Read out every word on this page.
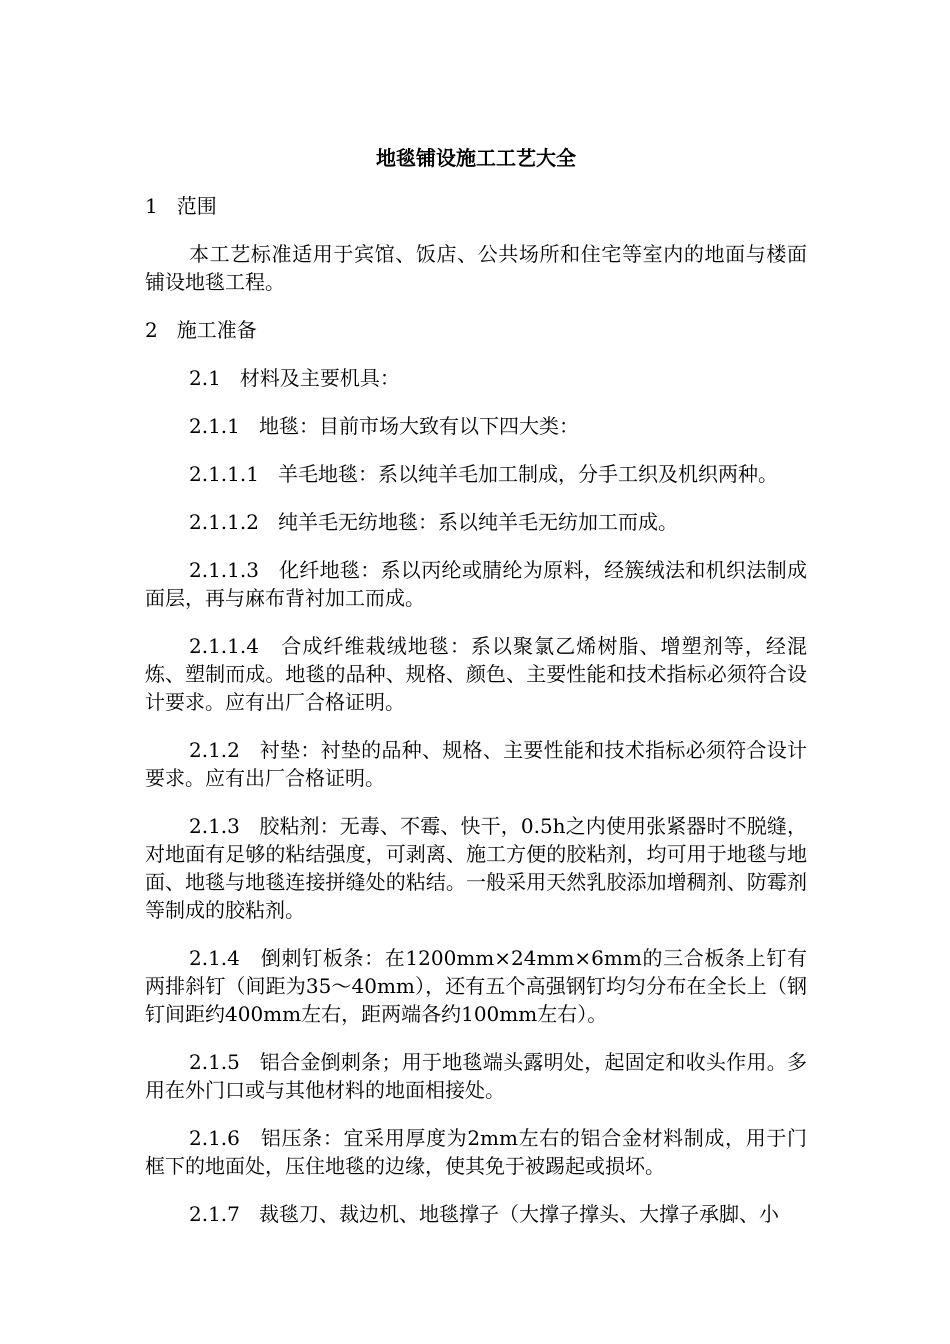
地毯铺设施工工艺大全
1   范围
本工艺标准适用于宾馆、饭店、公共场所和住宅等室内的地面与楼面铺设地毯工程。
2   施工准备
2.1   材料及主要机具：
2.1.1   地毯：目前市场大致有以下四大类：
2.1.1.1   羊毛地毯：系以纯羊毛加工制成，分手工织及机织两种。
2.1.1.2   纯羊毛无纺地毯：系以纯羊毛无纺加工而成。
2.1.1.3   化纤地毯：系以丙纶或腈纶为原料，经簇绒法和机织法制成面层，再与麻布背衬加工而成。
2.1.1.4   合成纤维栽绒地毯：系以聚氯乙烯树脂、增塑剂等，经混炼、塑制而成。地毯的品种、规格、颜色、主要性能和技术指标必须符合设计要求。应有出厂合格证明。
2.1.2   衬垫：衬垫的品种、规格、主要性能和技术指标必须符合设计要求。应有出厂合格证明。
2.1.3   胶粘剂：无毒、不霉、快干，0.5h之内使用张紧器时不脱缝，对地面有足够的粘结强度，可剥离、施工方便的胶粘剂，均可用于地毯与地面、地毯与地毯连接拼缝处的粘结。一般采用天然乳胶添加增稠剂、防霉剂等制成的胶粘剂。
2.1.4   倒刺钉板条：在1200mm×24mm×6mm的三合板条上钉有两排斜钉（间距为35～40mm），还有五个高强钢钉均匀分布在全长上（钢钉间距约400mm左右，距两端各约100mm左右）。
2.1.5   铝合金倒刺条；用于地毯端头露明处，起固定和收头作用。多用在外门口或与其他材料的地面相接处。
2.1.6   铝压条：宜采用厚度为2mm左右的铝合金材料制成，用于门框下的地面处，压住地毯的边缘，使其免于被踢起或损坏。
2.1.7   裁毯刀、裁边机、地毯撑子（大撑子撑头、大撑子承脚、小
